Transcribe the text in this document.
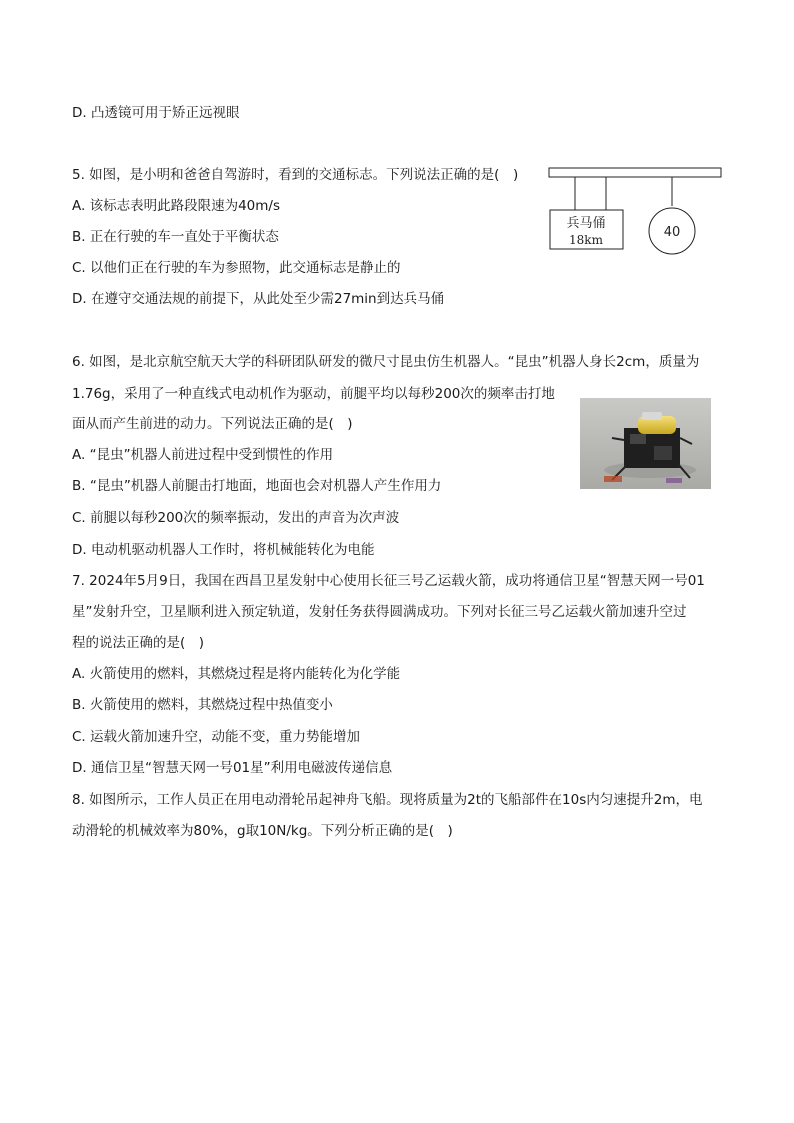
D. 凸透镜可用于矫正远视眼
5. 如图，是小明和爸爸自驾游时，看到的交通标志。下列说法正确的是(　)
A. 该标志表明此路段限速为40m/s
B. 正在行驶的车一直处于平衡状态
C. 以他们正在行驶的车为参照物，此交通标志是静止的
D. 在遵守交通法规的前提下，从此处至少需27min到达兵马俑
兵马俑
18km	40
6. 如图，是北京航空航天大学的科研团队研发的微尺寸昆虫仿生机器人。“昆虫”机器人身长2cm，质量为
1.76g，采用了一种直线式电动机作为驱动，前腿平均以每秒200次的频率击打地
面从而产生前进的动力。下列说法正确的是(　)
A. “昆虫”机器人前进过程中受到惯性的作用
B. “昆虫”机器人前腿击打地面，地面也会对机器人产生作用力
C. 前腿以每秒200次的频率振动，发出的声音为次声波
D. 电动机驱动机器人工作时，将机械能转化为电能
7. 2024年5月9日，我国在西昌卫星发射中心使用长征三号乙运载火箭，成功将通信卫星“智慧天网一号01
星”发射升空，卫星顺利进入预定轨道，发射任务获得圆满成功。下列对长征三号乙运载火箭加速升空过
程的说法正确的是(　)
A. 火箭使用的燃料，其燃烧过程是将内能转化为化学能
B. 火箭使用的燃料，其燃烧过程中热值变小
C. 运载火箭加速升空，动能不变，重力势能增加
D. 通信卫星“智慧天网一号01星”利用电磁波传递信息
8. 如图所示，工作人员正在用电动滑轮吊起神舟飞船。现将质量为2t的飞船部件在10s内匀速提升2m，电
动滑轮的机械效率为80%，g取10N/kg。下列分析正确的是(　)
